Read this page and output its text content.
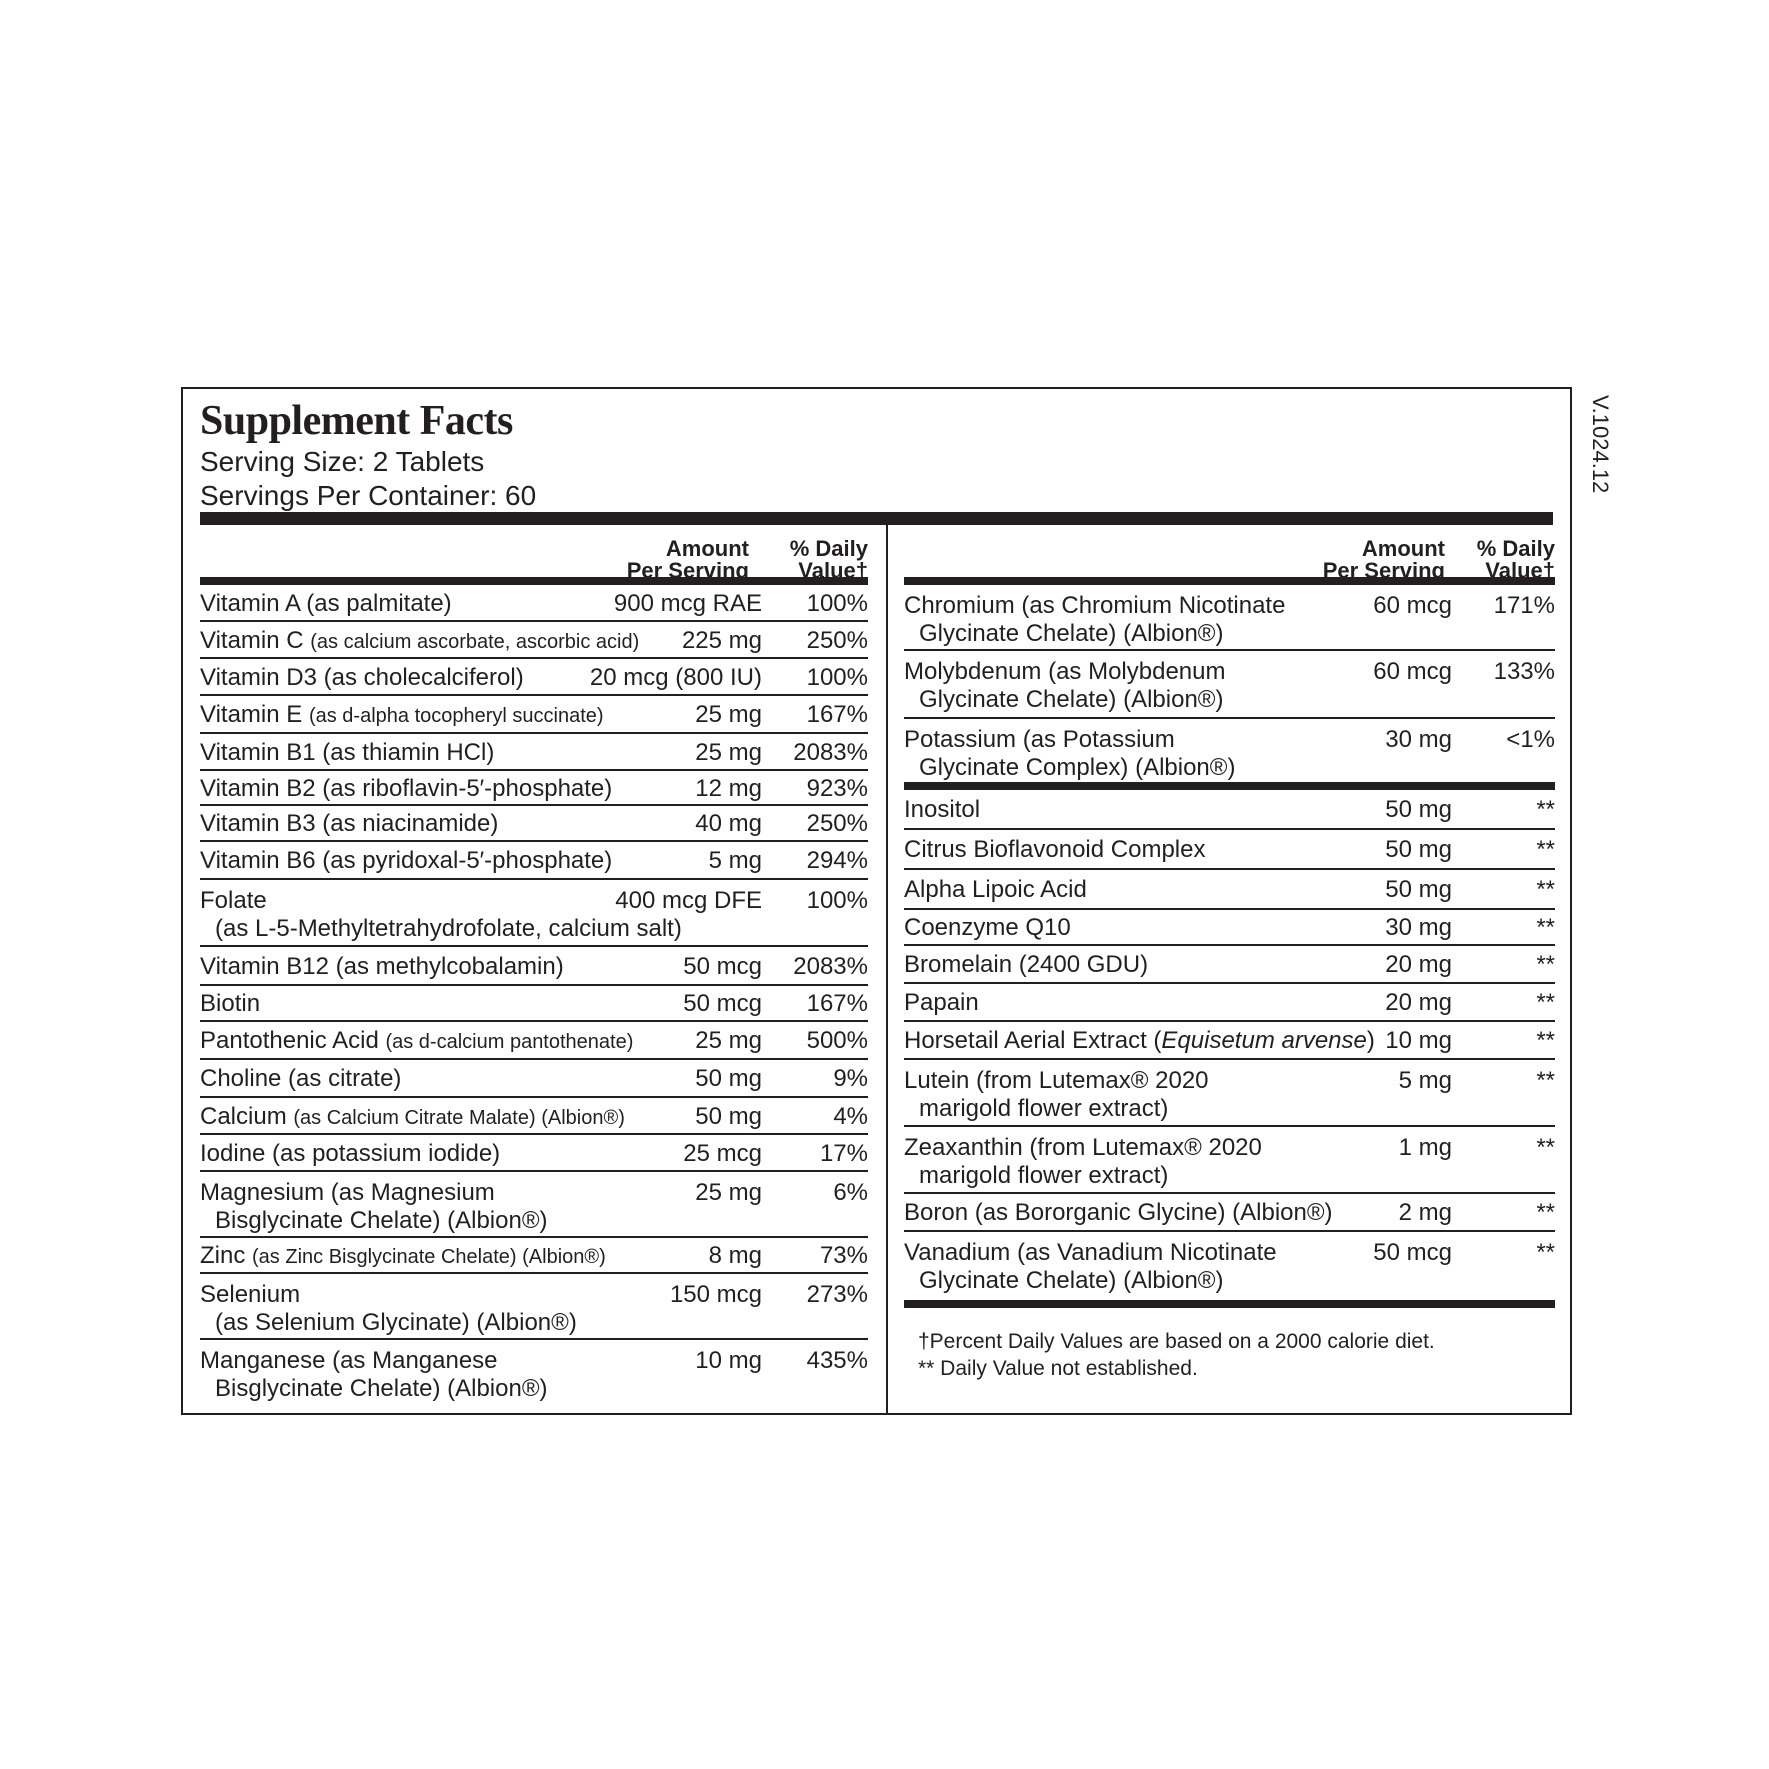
Supplement Facts
Serving Size: 2 Tablets
Servings Per Container: 60
Amount
Per Serving
% Daily
Value†
Vitamin A (as palmitate)	900 mcg RAE 100%
Vitamin C (as calcium ascorbate, ascorbic acid) 225 mg 250%
Vitamin D3 (as cholecalciferol)	20 mcg (800 IU) 100%
Vitamin E (as d-alpha tocopheryl succinate)	25 mg 167%
Vitamin B1 (as thiamin HCl)	25 mg 2083%
Vitamin B2 (as riboflavin-5′-phosphate)	12 mg 923%
Vitamin B3 (as niacinamide)	40 mg 250%
Vitamin B6 (as pyridoxal-5′-phosphate)	5 mg 294%
Folate
(as L-5-Methyltetrahydrofolate, calcium salt)
400 mcg DFE 100%
Vitamin B12 (as methylcobalamin)	50 mcg 2083%
Biotin	50 mcg 167%
Pantothenic Acid (as d-calcium pantothenate)	25 mg 500%
Choline (as citrate)	50 mg	9%
Calcium (as Calcium Citrate Malate) (Albion®)	50 mg	4%
Iodine (as potassium iodide)	25 mcg 17%
Magnesium (as Magnesium
Bisglycinate Chelate) (Albion®)
25 mg	6%
Zinc (as Zinc Bisglycinate Chelate) (Albion®)	8 mg 73%
Selenium
(as Selenium Glycinate) (Albion®)
150 mcg 273%
Manganese (as Manganese
Bisglycinate Chelate) (Albion®)
10 mg 435%
Amount
Per Serving
% Daily
Value†
Chromium (as Chromium Nicotinate
Glycinate Chelate) (Albion®)
60 mcg 171%
Molybdenum (as Molybdenum
Glycinate Chelate) (Albion®)
60 mcg 133%
Potassium (as Potassium
Glycinate Complex) (Albion®)
30 mg <1%
Inositol	50 mg	**
Citrus Bioflavonoid Complex	50 mg	**
Alpha Lipoic Acid	50 mg	**
Coenzyme Q10	30 mg	**
Bromelain (2400 GDU)	20 mg	**
Papain	20 mg	**
Horsetail Aerial Extract (Equisetum arvense) 10 mg	**
Lutein (from Lutemax® 2020
marigold flower extract)
5 mg	**
Zeaxanthin (from Lutemax® 2020
marigold flower extract)
1 mg	**
Boron (as Bororganic Glycine) (Albion®)	2 mg	**
Vanadium (as Vanadium Nicotinate
Glycinate Chelate) (Albion®)
50 mcg	**
†Percent Daily Values are based on a 2000 calorie diet.
** Daily Value not established.
V.1024.12
